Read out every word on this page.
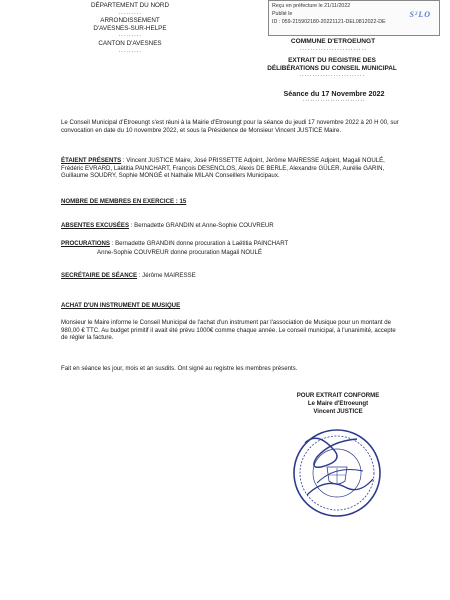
DÉPARTEMENT DU NORD
·········
ARRONDISSEMENT
D'AVESNES-SUR-HELPE
·········
CANTON D'AVESNES
·········
Reçu en préfecture le 21/11/2022
Publié le
ID : 059-215902180-20221121-DEL0812022-DE
S²LO
COMMUNE D'ETROEUNGT
·························
EXTRAIT DU REGISTRE DES
DÉLIBÉRATIONS DU CONSEIL MUNICIPAL
·························
Séance du 17 Novembre 2022
·························
Le Conseil Municipal d'Etroeungt s'est réuni à la Mairie d'Etroeungt pour la séance du jeudi 17 novembre 2022 à 20 H 00, sur convocation en date du 10 novembre 2022, et sous la Présidence de Monsieur Vincent JUSTICE Maire.
ÉTAIENT PRÉSENTS : Vincent JUSTICE Maire, José PRISSETTE Adjoint, Jérôme MAIRESSE Adjoint, Magali NOULÉ, Frédéric EVRARD, Laëtitia PAINCHART, François DESENCLOS, Alexis DE BERLE, Alexandre GÜLER, Aurélie GARIN, Guillaume SOUDRY, Sophie MONGÉ et Nathalie MILAN Conseillers Municipaux.
NOMBRE DE MEMBRES EN EXERCICE : 15
ABSENTES EXCUSÉES : Bernadette GRANDIN et Anne-Sophie COUVREUR
PROCURATIONS : Bernadette GRANDIN donne procuration à Laëtitia PAINCHART
Anne-Sophie COUVREUR donne procuration Magali NOULÉ
SECRÉTAIRE DE SÉANCE : Jérôme MAIRESSE
ACHAT D'UN INSTRUMENT DE MUSIQUE
Monsieur le Maire informe le Conseil Municipal de l'achat d'un instrument par l'association de Musique pour un montant de 980,00 € TTC. Au budget primitif il avait été prévu 1000€ comme chaque année. Le conseil municipal, à l'unanimité, accepte de régler la facture.
Fait en séance les jour, mois et an susdits. Ont signé au registre les membres présents.
POUR EXTRAIT CONFORME
Le Maire d'Etroeungt
Vincent JUSTICE
